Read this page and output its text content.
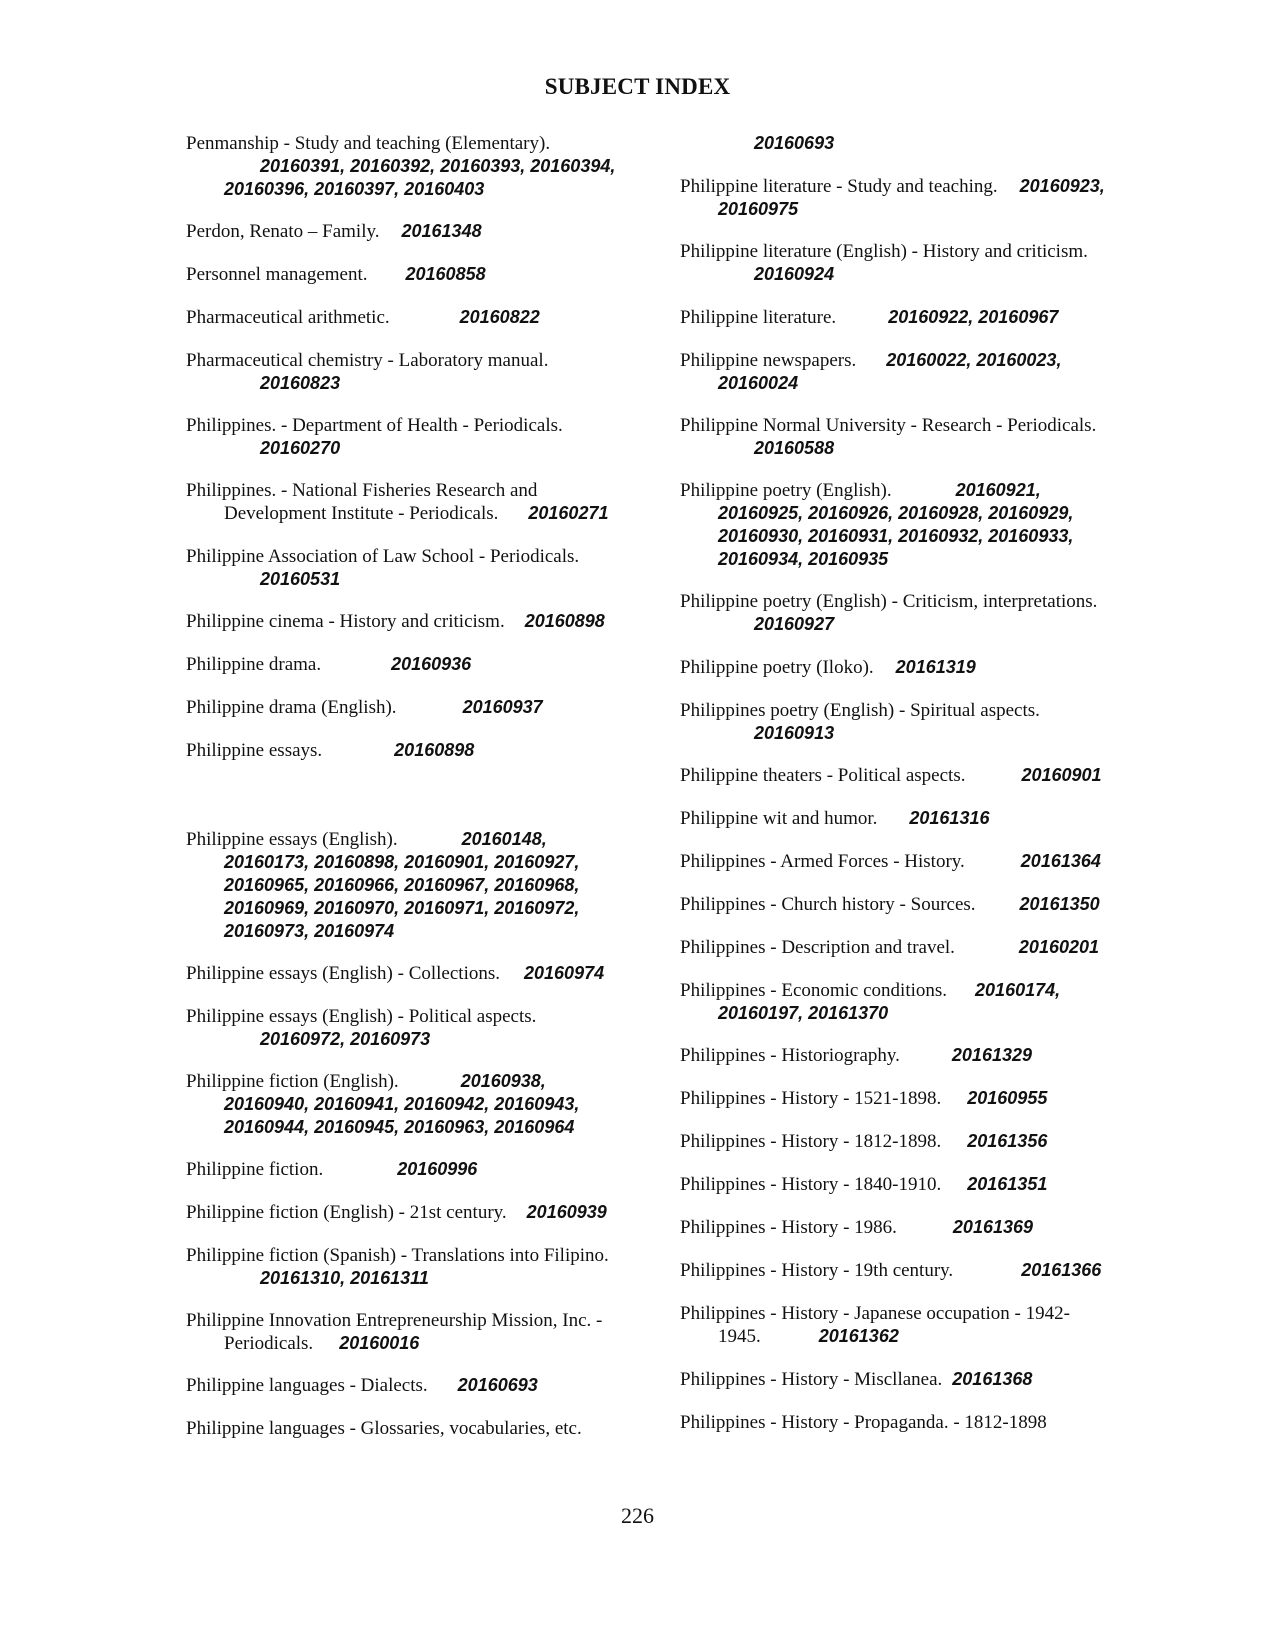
SUBJECT INDEX
Penmanship - Study and teaching (Elementary).
20160391, 20160392, 20160393, 20160394,
20160396, 20160397, 20160403
Perdon, Renato – Family. 20161348
Personnel management. 20160858
Pharmaceutical arithmetic.	20160822
Pharmaceutical chemistry - Laboratory manual.
20160823
Philippines. - Department of Health - Periodicals.
20160270
Philippines. - National Fisheries Research and
Development Institute - Periodicals. 20160271
Philippine Association of Law School - Periodicals.
20160531
Philippine cinema - History and criticism. 20160898
Philippine drama.	20160936
Philippine drama (English).	20160937
Philippine essays.	20160898
Philippine essays (English).	20160148,
20160173, 20160898, 20160901, 20160927,
20160965, 20160966, 20160967, 20160968,
20160969, 20160970, 20160971, 20160972,
20160973, 20160974
Philippine essays (English) - Collections. 20160974
Philippine essays (English) - Political aspects.
20160972, 20160973
Philippine fiction (English).	20160938,
20160940, 20160941, 20160942, 20160943,
20160944, 20160945, 20160963, 20160964
Philippine fiction.	20160996
Philippine fiction (English) - 21st century. 20160939
Philippine fiction (Spanish) - Translations into Filipino.
20161310, 20161311
Philippine Innovation Entrepreneurship Mission, Inc. -
Periodicals. 20160016
Philippine languages - Dialects. 20160693
Philippine languages - Glossaries, vocabularies, etc.
20160693
Philippine literature - Study and teaching. 20160923,
20160975
Philippine literature (English) - History and criticism.
20160924
Philippine literature.	20160922, 20160967
Philippine newspapers. 20160022, 20160023,
20160024
Philippine Normal University - Research - Periodicals.
20160588
Philippine poetry (English).	20160921,
20160925, 20160926, 20160928, 20160929,
20160930, 20160931, 20160932, 20160933,
20160934, 20160935
Philippine poetry (English) - Criticism, interpretations.
20160927
Philippine poetry (Iloko). 20161319
Philippines poetry (English) - Spiritual aspects.
20160913
Philippine theaters - Political aspects.	20160901
Philippine wit and humor. 20161316
Philippines - Armed Forces - History.	20161364
Philippines - Church history - Sources. 20161350
Philippines - Description and travel.	20160201
Philippines - Economic conditions. 20160174,
20160197, 20161370
Philippines - Historiography.	20161329
Philippines - History - 1521-1898. 20160955
Philippines - History - 1812-1898. 20161356
Philippines - History - 1840-1910. 20161351
Philippines - History - 1986.	20161369
Philippines - History - 19th century.	20161366
Philippines - History - Japanese occupation - 1942-
1945.	20161362
Philippines - History - Miscllanea. 20161368
Philippines - History - Propaganda. - 1812-1898
226
